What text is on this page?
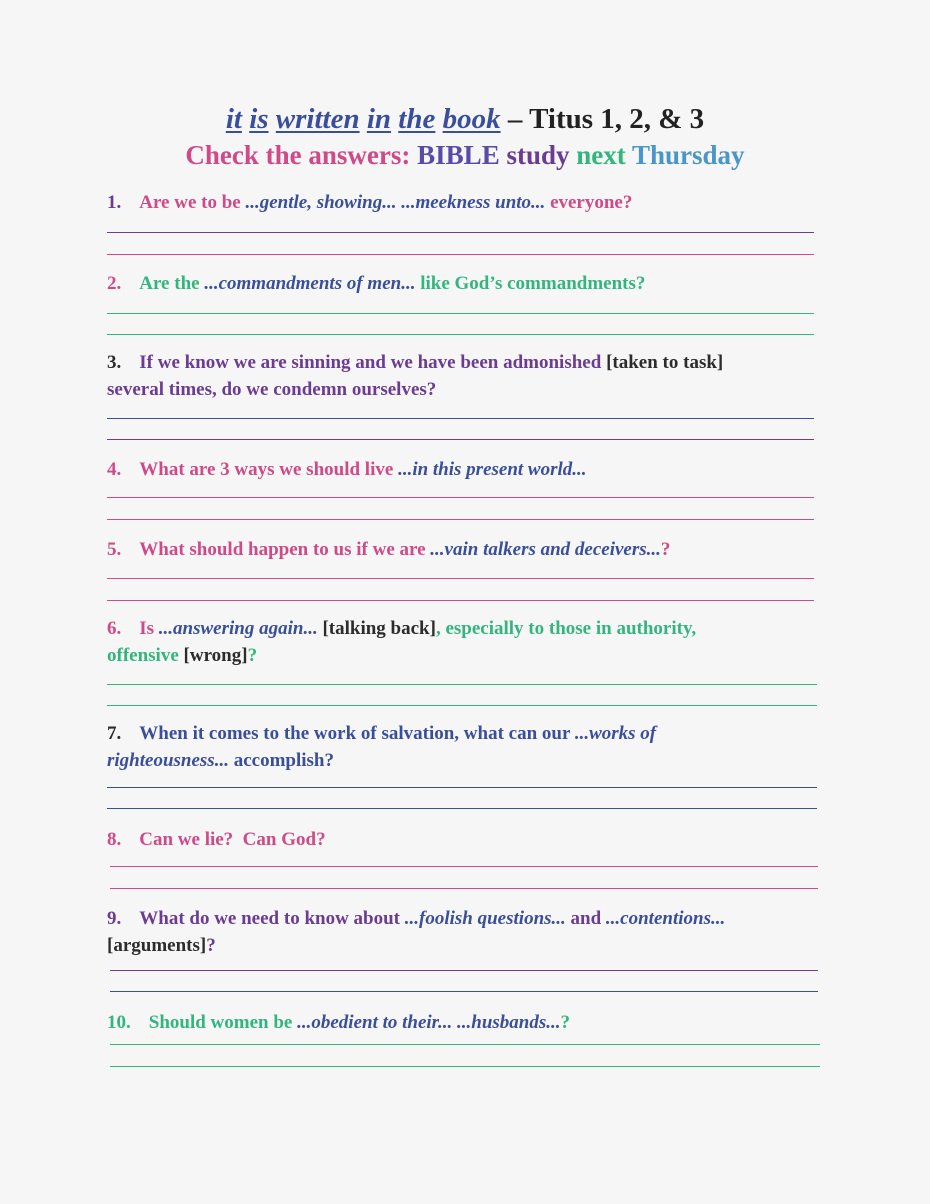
it is written in the book – Titus 1, 2, & 3
Check the answers: BIBLE study next Thursday
1. Are we to be ...gentle, showing... ...meekness unto... everyone?
2. Are the ...commandments of men... like God’s commandments?
3. If we know we are sinning and we have been admonished [taken to task]
several times, do we condemn ourselves?
4. What are 3 ways we should live ...in this present world...
5. What should happen to us if we are ...vain talkers and deceivers...?
6. Is ...answering again... [talking back], especially to those in authority,
offensive [wrong]?
7. When it comes to the work of salvation, what can our ...works of
righteousness... accomplish?
8. Can we lie?  Can God?
9. What do we need to know about ...foolish questions... and ...contentions...
[arguments]?
10. Should women be ...obedient to their... ...husbands...?
